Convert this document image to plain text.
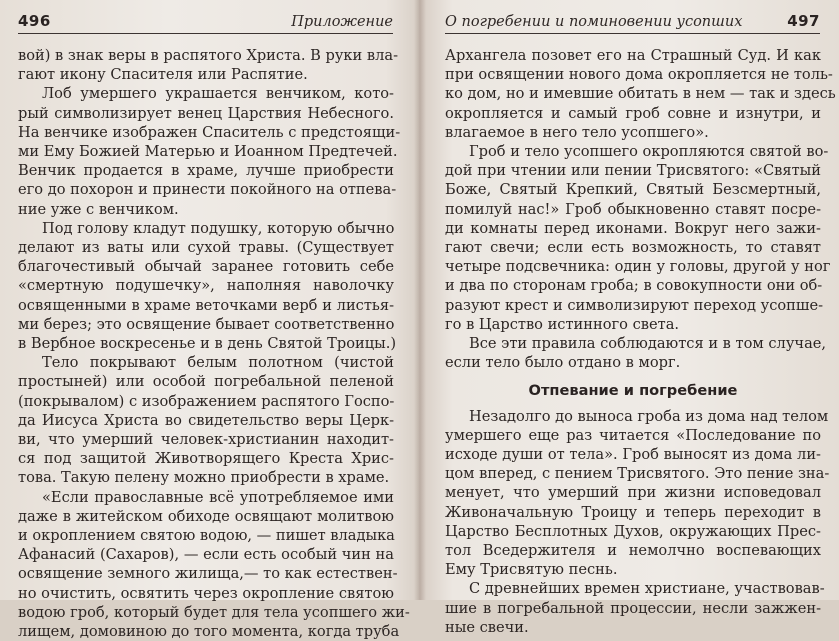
496	Приложение

вой) в знак веры в распятого Христа. В руки вла-
гают икону Спасителя или Распятие.

Лоб умершего украшается венчиком, кото-
рый символизирует венец Царствия Небесного.
На венчике изображен Спаситель с предстоящи-
ми Ему Божией Матерью и Иоанном Предтечей.
Венчик продается в храме, лучше приобрести
его до похорон и принести покойного на отпева-
ние уже с венчиком.

Под голову кладут подушку, которую обычно
делают из ваты или сухой травы. (Существует
благочестивый обычай заранее готовить себе
«смертную подушечку», наполняя наволочку
освященными в храме веточками верб и листья-
ми берез; это освящение бывает соответственно
в Вербное воскресенье и в день Святой Троицы.)

Тело покрывают белым полотном (чистой
простыней) или особой погребальной пеленой
(покрывалом) с изображением распятого Госпо-
да Иисуса Христа во свидетельство веры Церк-
ви, что умерший человек-христианин находит-
ся под защитой Животворящего Креста Хрис-
това. Такую пелену можно приобрести в храме.

«Если православные всё употребляемое ими
даже в житейском обиходе освящают молитвою
и окроплением святою водою, — пишет владыка
Афанасий (Сахаров), — если есть особый чин на
освящение земного жилища,— то как естествен-
но очистить, освятить через окропление святою
водою гроб, который будет для тела усопшего жи-
лищем, домовиною до того момента, когда труба

О погребении и поминовении усопших	497

Архангела позовет его на Страшный Суд. И как
при освящении нового дома окропляется не толь-
ко дом, но и имевшие обитать в нем — так и здесь
окропляется и самый гроб совне и изнутри, и
влагаемое в него тело усопшего».

Гроб и тело усопшего окропляются святой во-
дой при чтении или пении Трисвятого: «Святый
Боже, Святый Крепкий, Святый Безсмертный,
помилуй нас!» Гроб обыкновенно ставят посре-
ди комнаты перед иконами. Вокруг него зажи-
гают свечи; если есть возможность, то ставят
четыре подсвечника: один у головы, другой у ног
и два по сторонам гроба; в совокупности они об-
разуют крест и символизируют переход усопше-
го в Царство истинного света.

Все эти правила соблюдаются и в том случае,
если тело было отдано в морг.

Отпевание и погребение

Незадолго до выноса гроба из дома над телом
умершего еще раз читается «Последование по
исходе души от тела». Гроб выносят из дома ли-
цом вперед, с пением Трисвятого. Это пение зна-
менует, что умерший при жизни исповедовал
Живоначальную Троицу и теперь переходит в
Царство Бесплотных Духов, окружающих Прес-
тол Вседержителя и немолчно воспевающих
Ему Трисвятую песнь.

С древнейших времен христиане, участвовав-
шие в погребальной процессии, несли зажжен-
ные свечи.
